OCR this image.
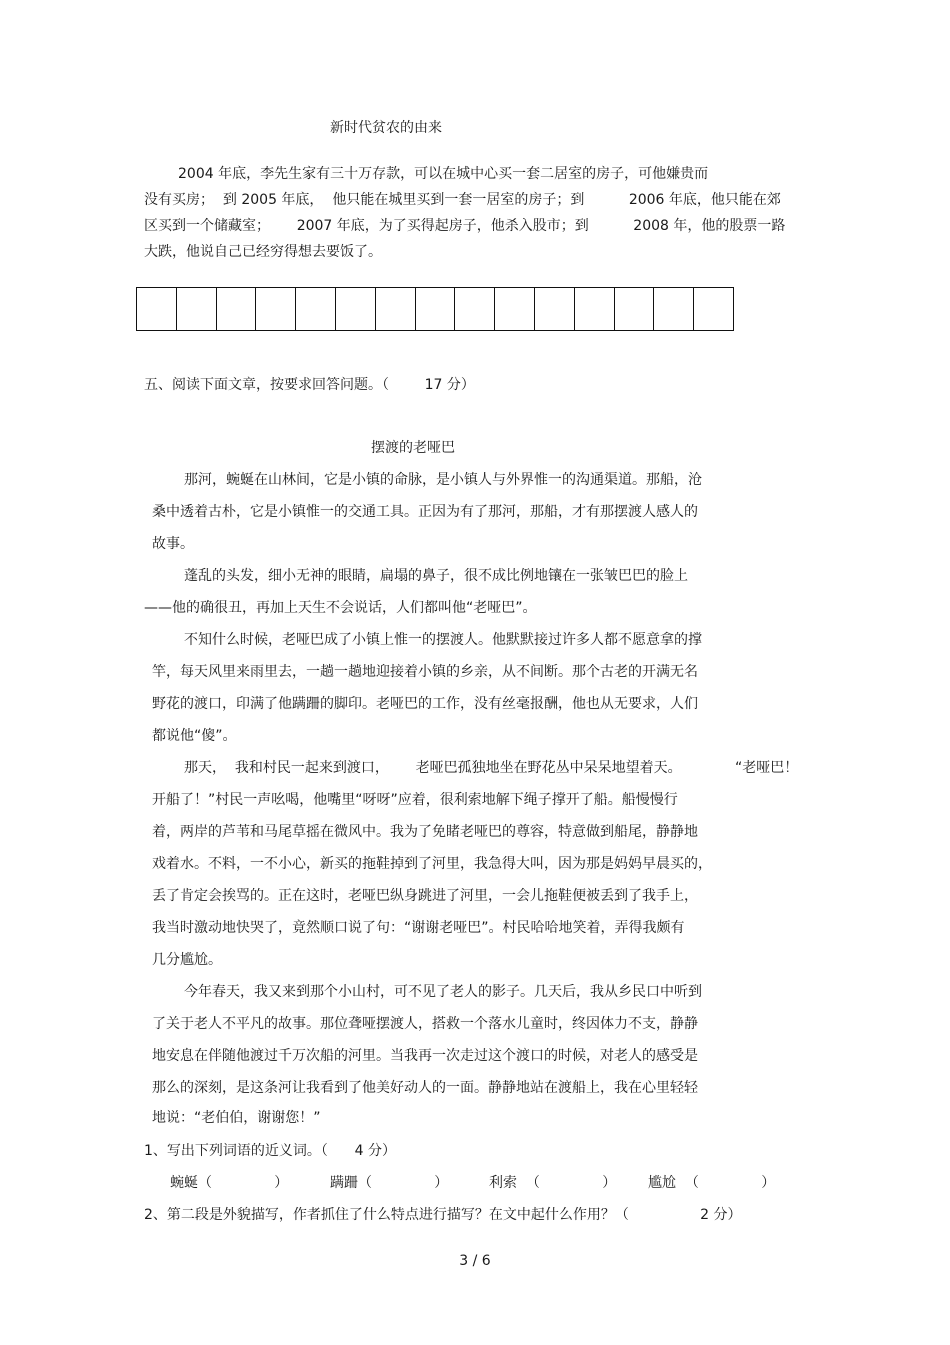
新时代贫农的由来
2004 年底，李先生家有三十万存款，可以在城中心买一套二居室的房子，可他嫌贵而
没有买房；  到 2005 年底，  他只能在城里买到一套一居室的房子；到          2006 年底，他只能在郊
区买到一个储藏室；      2007 年底，为了买得起房子，他杀入股市；到          2008 年，他的股票一路
大跌，他说自己已经穷得想去要饭了。
五、阅读下面文章，按要求回答问题。（        17 分）
摆渡的老哑巴
那河，蜿蜒在山林间，它是小镇的命脉，是小镇人与外界惟一的沟通渠道。那船，沧
桑中透着古朴，它是小镇惟一的交通工具。正因为有了那河，那船，才有那摆渡人感人的
故事。
蓬乱的头发，细小无神的眼睛，扁塌的鼻子，很不成比例地镶在一张皱巴巴的脸上
——他的确很丑，再加上天生不会说话，人们都叫他“老哑巴”。
不知什么时候，老哑巴成了小镇上惟一的摆渡人。他默默接过许多人都不愿意拿的撑
竿，每天风里来雨里去，一趟一趟地迎接着小镇的乡亲，从不间断。那个古老的开满无名
野花的渡口，印满了他蹒跚的脚印。老哑巴的工作，没有丝毫报酬，他也从无要求，人们
都说他“傻”。
那天，  我和村民一起来到渡口，      老哑巴孤独地坐在野花丛中呆呆地望着天。            “老哑巴！
开船了！”村民一声吆喝，他嘴里“呀呀”应着，很利索地解下绳子撑开了船。船慢慢行
着，两岸的芦苇和马尾草摇在微风中。我为了免睹老哑巴的尊容，特意做到船尾，静静地
戏着水。不料，一不小心，新买的拖鞋掉到了河里，我急得大叫，因为那是妈妈早晨买的，
丢了肯定会挨骂的。正在这时，老哑巴纵身跳进了河里，一会儿拖鞋便被丢到了我手上，
我当时激动地快哭了，竟然顺口说了句：“谢谢老哑巴”。村民哈哈地笑着，弄得我颇有
几分尴尬。
今年春天，我又来到那个小山村，可不见了老人的影子。几天后，我从乡民口中听到
了关于老人不平凡的故事。那位聋哑摆渡人，搭救一个落水儿童时，终因体力不支，静静
地安息在伴随他渡过千万次船的河里。当我再一次走过这个渡口的时候，对老人的感受是
那么的深刻，是这条河让我看到了他美好动人的一面。静静地站在渡船上，我在心里轻轻
地说：“老伯伯，谢谢您！”
1、写出下列词语的近义词。（      4 分）
蜿蜒（              ）	蹒跚（              ）	利索  （              ） 尴尬  （              ）
2、第二段是外貌描写，作者抓住了什么特点进行描写？在文中起什么作用？（                2 分）
3 / 6
